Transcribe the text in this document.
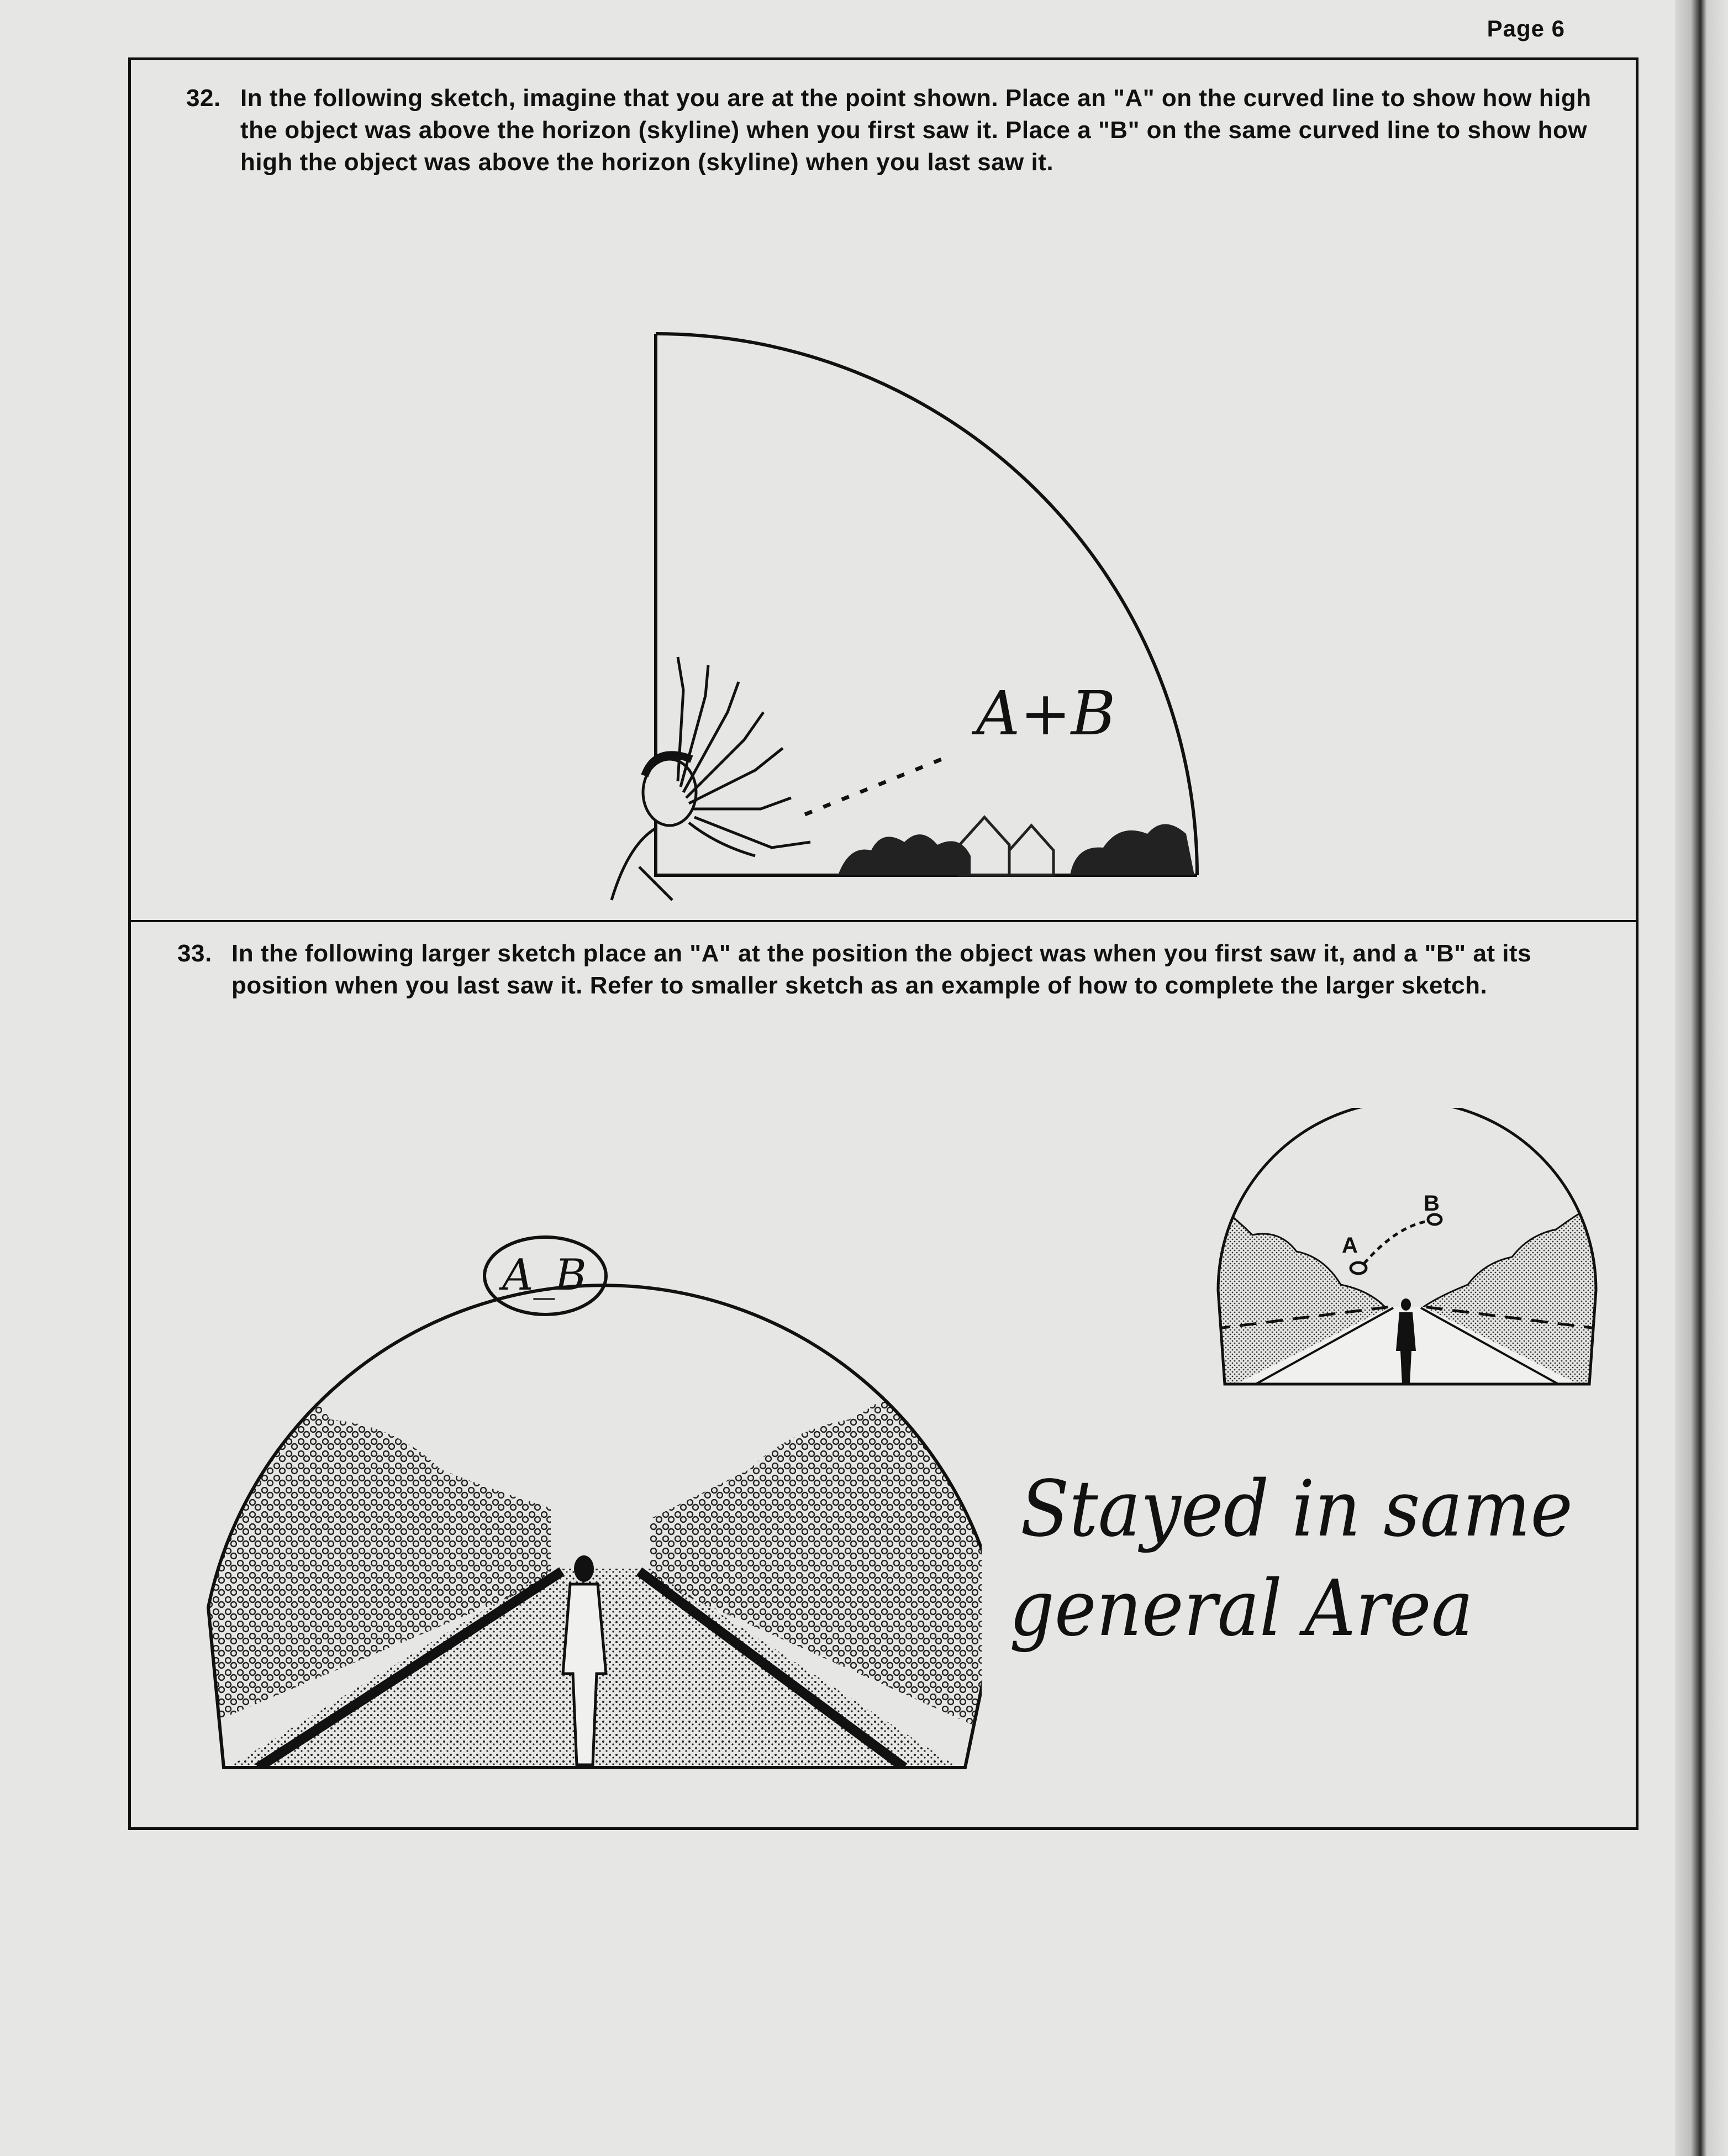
Page 6
32. In the following sketch, imagine that you are at the point shown. Place an "A" on the curved line to show how high the object was above the horizon (skyline) when you first saw it. Place a "B" on the same curved line to show how high the object was above the horizon (skyline) when you last saw it.
A+B
33. In the following larger sketch place an "A" at the position the object was when you first saw it, and a "B" at its position when you last saw it. Refer to smaller sketch as an example of how to complete the larger sketch.
A_B
A
B
Stayed in same
general Area
